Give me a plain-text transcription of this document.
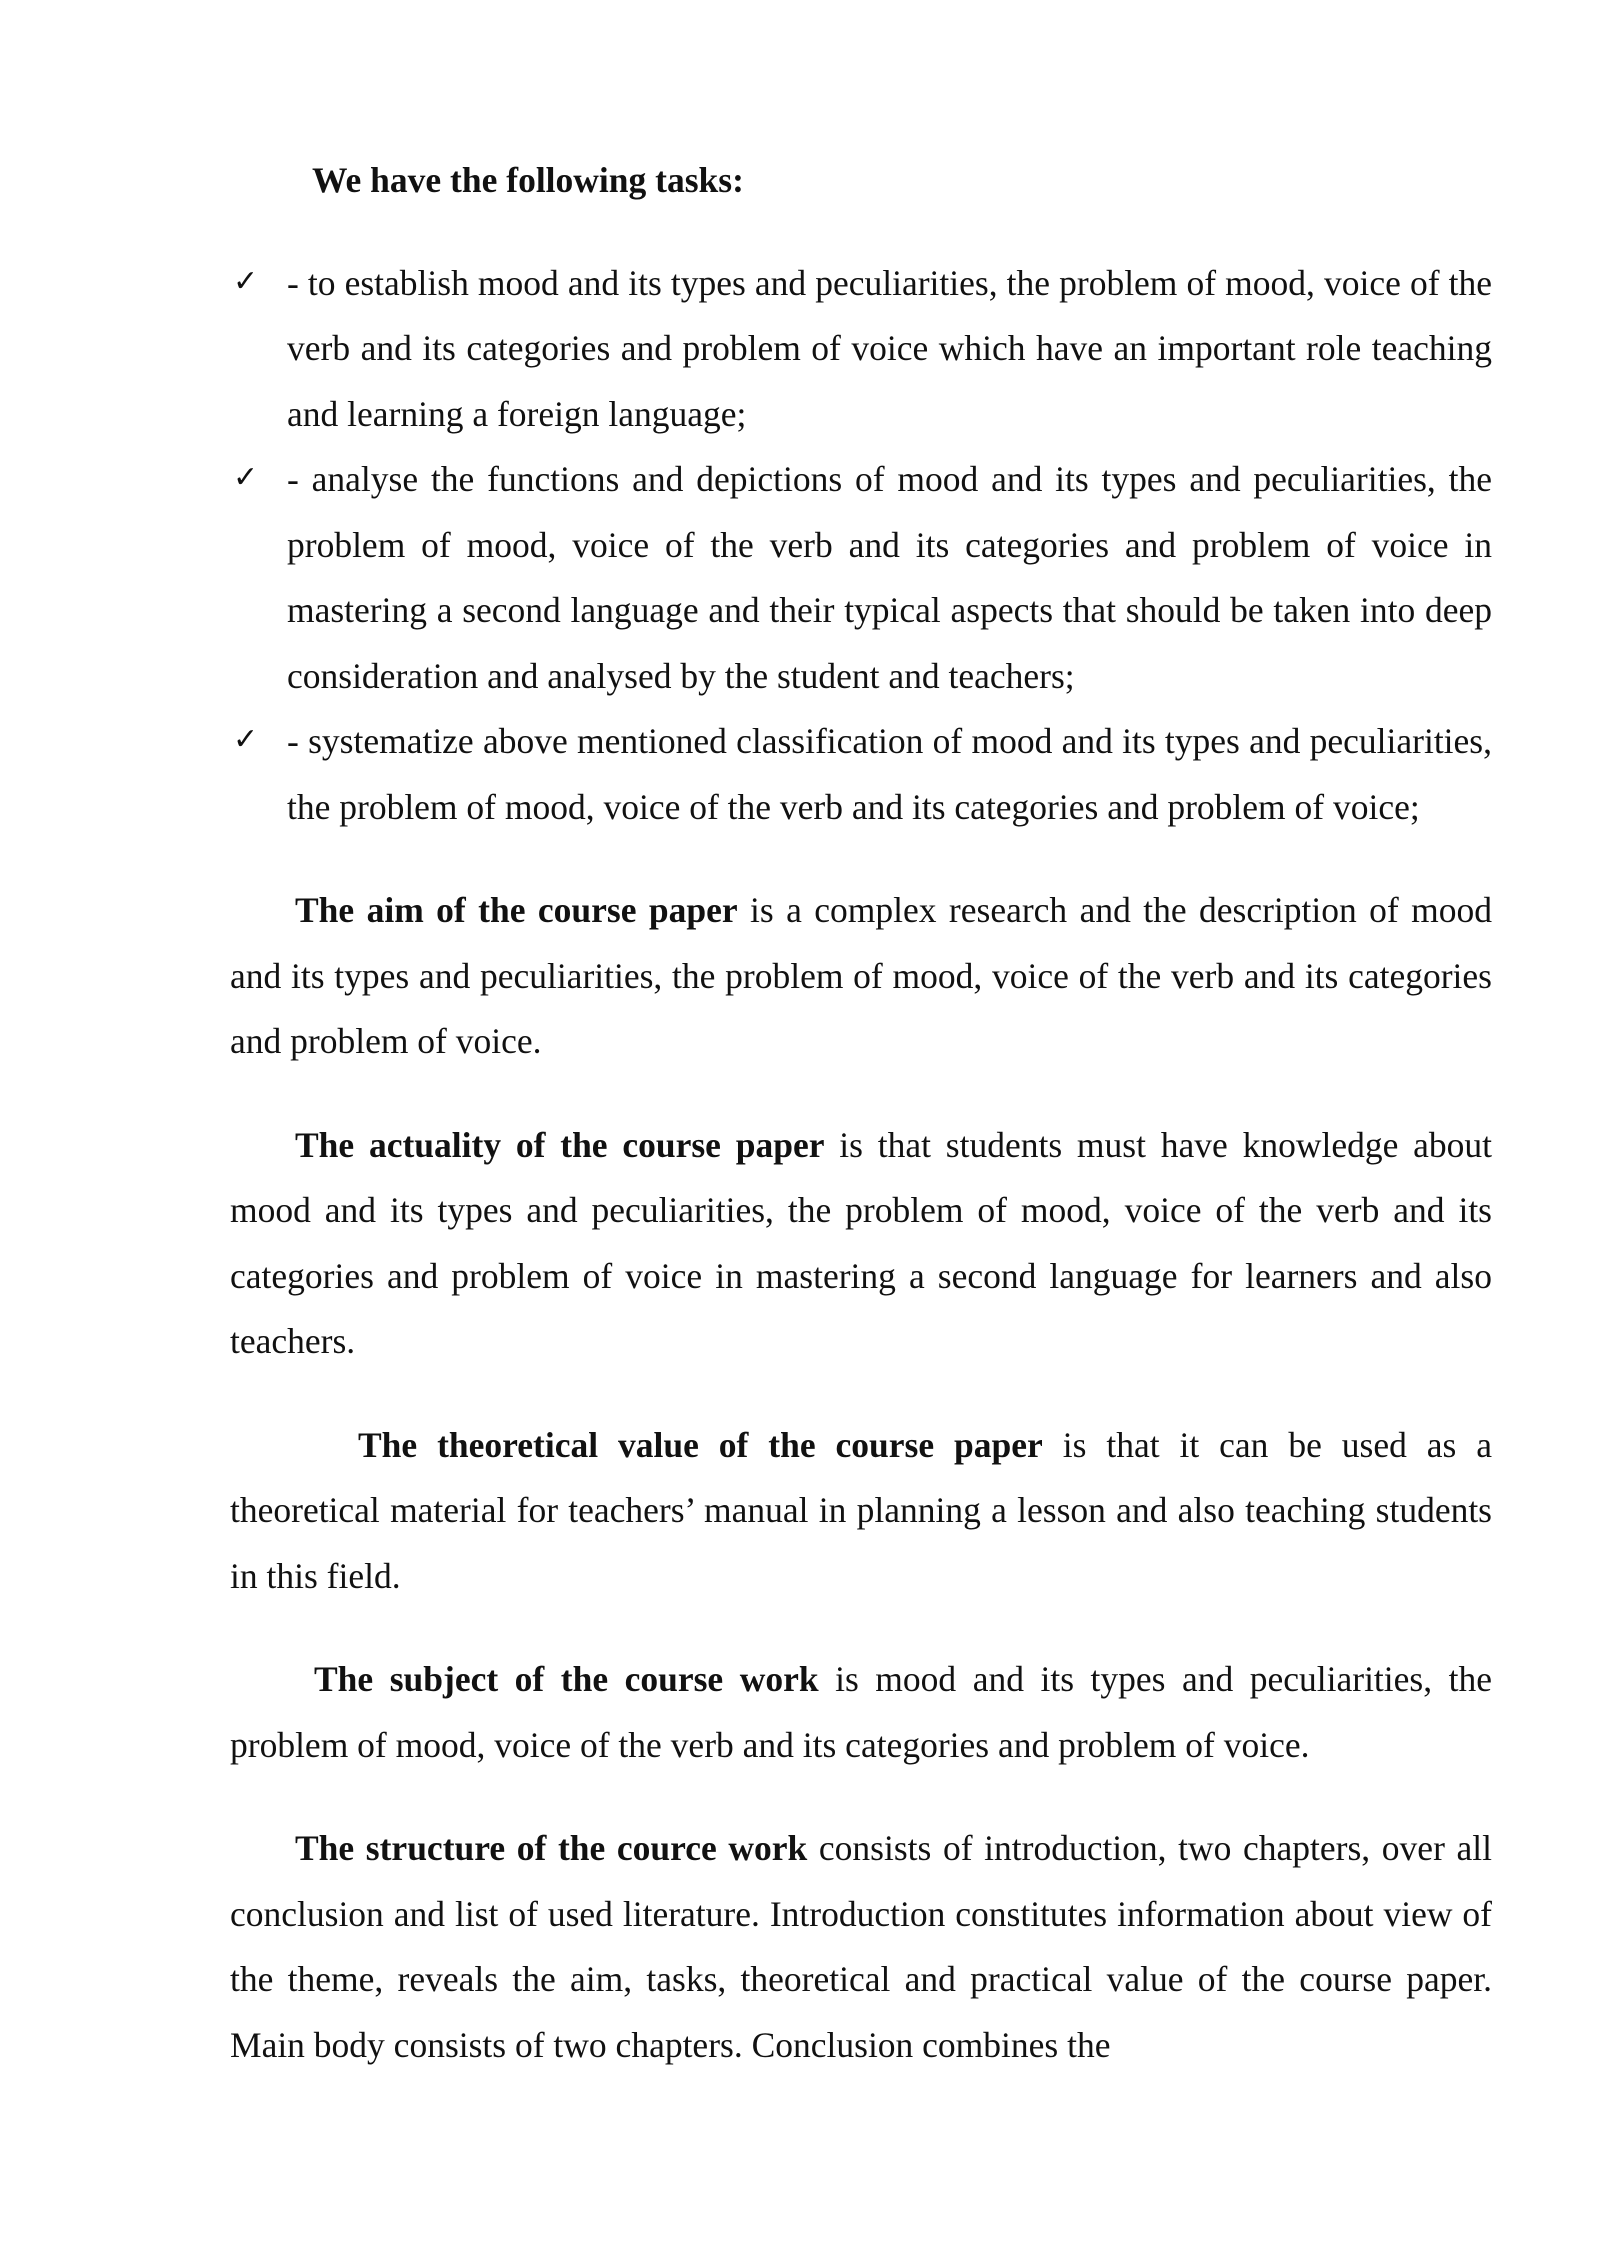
We have the following tasks:

✓ - to establish mood and its types and peculiarities, the problem of mood, voice of the verb and its categories and problem of voice which have an important role teaching and learning a foreign language;
✓ - analyse the functions and depictions of mood and its types and peculiarities, the problem of mood, voice of the verb and its categories and problem of voice in mastering a second language and their typical aspects that should be taken into deep consideration and analysed by the student and teachers;
✓ - systematize above mentioned classification of mood and its types and peculiarities, the problem of mood, voice of the verb and its categories and problem of voice;

The aim of the course paper is a complex research and the description of mood and its types and peculiarities, the problem of mood, voice of the verb and its categories and problem of voice.

The actuality of the course paper is that students must have knowledge about mood and its types and peculiarities, the problem of mood, voice of the verb and its categories and problem of voice in mastering a second language for learners and also teachers.

The theoretical value of the course paper is that it can be used as a theoretical material for teachers’ manual in planning a lesson and also teaching students in this field.

The subject of the course work is mood and its types and peculiarities, the problem of mood, voice of the verb and its categories and problem of voice.

The structure of the cource work consists of introduction, two chapters, over all conclusion and list of used literature. Introduction constitutes information about view of the theme, reveals the aim, tasks, theoretical and practical value of the course paper. Main body consists of two chapters. Conclusion combines the
